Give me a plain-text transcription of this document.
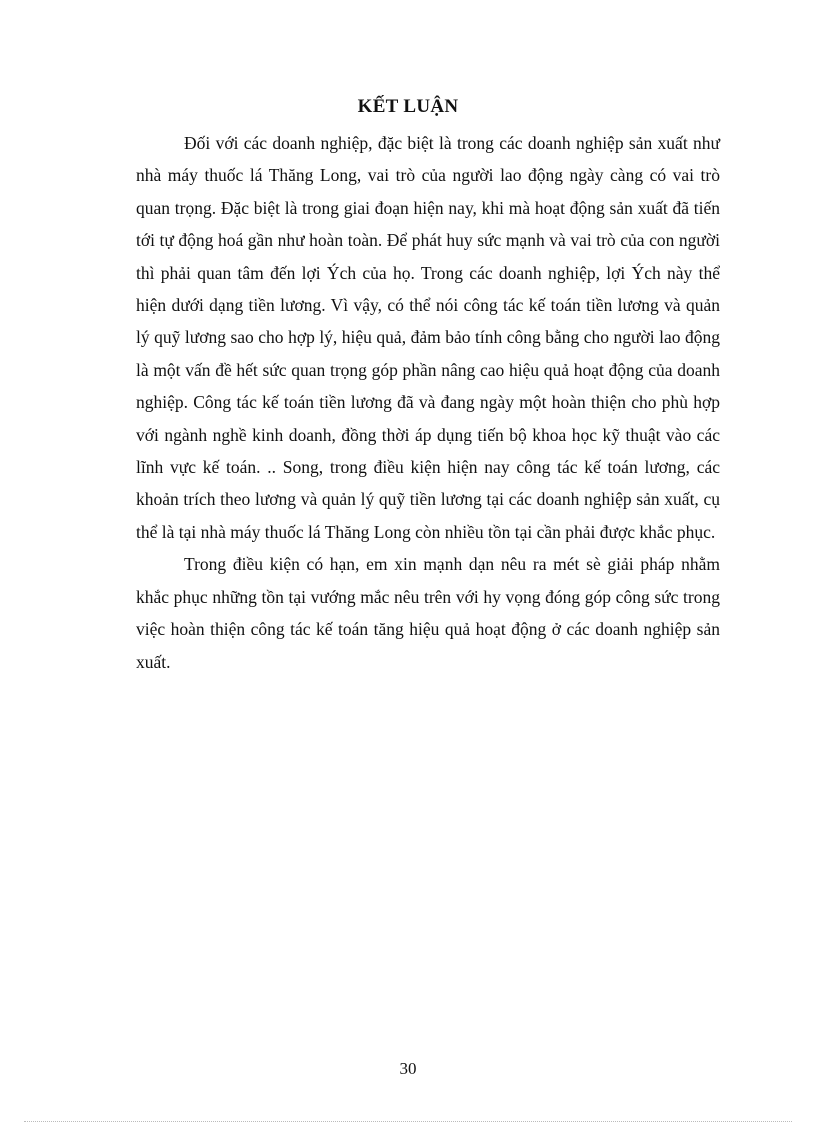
KẾT LUẬN

Đối với các doanh nghiệp, đặc biệt là trong các doanh nghiệp sản xuất như nhà máy thuốc lá Thăng Long, vai trò của người lao động ngày càng có vai trò quan trọng. Đặc biệt là trong giai đoạn hiện nay, khi mà hoạt động sản xuất đã tiến tới tự động hoá gần như hoàn toàn. Để phát huy sức mạnh và vai trò của con người thì phải quan tâm đến lợi Ých của họ. Trong các doanh nghiệp, lợi Ých này thể hiện dưới dạng tiền lương. Vì vậy, có thể nói công tác kế toán tiền lương và quản lý quỹ lương sao cho hợp lý, hiệu quả, đảm bảo tính công bằng cho người lao động là một vấn đề hết sức quan trọng góp phần nâng cao hiệu quả hoạt động của doanh nghiệp. Công tác kế toán tiền lương đã và đang ngày một hoàn thiện cho phù hợp với ngành nghề kinh doanh, đồng thời áp dụng tiến bộ khoa học kỹ thuật vào các lĩnh vực kế toán. .. Song, trong điều kiện hiện nay công tác kế toán lương, các khoản trích theo lương và quản lý quỹ tiền lương tại các doanh nghiệp sản xuất, cụ thể là tại nhà máy thuốc lá Thăng Long còn nhiều tồn tại cần phải được khắc phục.

Trong điều kiện có hạn, em xin mạnh dạn nêu ra mét sè giải pháp nhằm khắc phục những tồn tại vướng mắc nêu trên với hy vọng đóng góp công sức trong việc hoàn thiện công tác kế toán tăng hiệu quả hoạt động ở các doanh nghiệp sản xuất.

30
